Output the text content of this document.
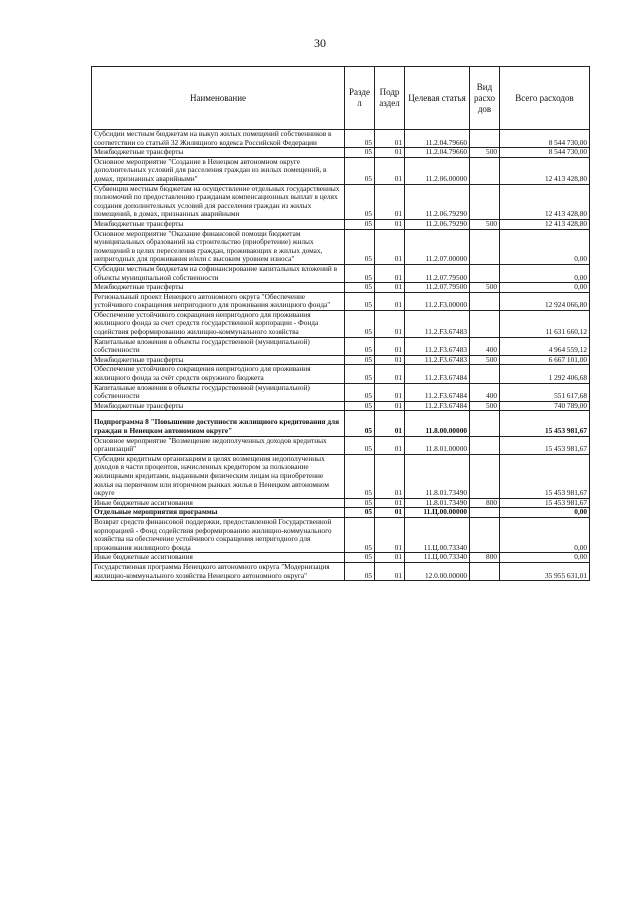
30
Наименование	Разде л	Подр аздел	Целевая статья	Вид расхо дов	Всего расходов
Субсидии местным бюджетам на выкуп жилых помещений собственников в соответствии со статьёй 32 Жилищного кодекса Российской Федерации	05	01	11.2.04.79660		8 544 730,00
Межбюджетные трансферты	05	01	11.2.04.79660	500	8 544 730,00
Основное мероприятие "Создание в Ненецком автономном округе дополнительных условий для расселения граждан из жилых помещений, в домах, признанных аварийными"	05	01	11.2.06.00000		12 413 428,80
Субвенции местным бюджетам на осуществление отдельных государственных полномочий по предоставлению гражданам компенсационных выплат в целях создания дополнительных условий для расселения граждан из жилых помещений, в домах, признанных аварийными	05	01	11.2.06.79290		12 413 428,80
Межбюджетные трансферты	05	01	11.2.06.79290	500	12 413 428,80
Основное мероприятие "Оказание финансовой помощи бюджетам муниципальных образований на строительство (приобретение) жилых помещений в целях переселения граждан, проживающих в жилых домах, непригодных для проживания и/или с высоким уровнем износа"	05	01	11.2.07.00000		0,00
Субсидии местным бюджетам на софинансирование капитальных вложений в объекты муниципальной собственности	05	01	11.2.07.79500		0,00
Межбюджетные трансферты	05	01	11.2.07.79500	500	0,00
Региональный проект Ненецкого автономного округа "Обеспечение устойчивого сокращения непригодного для проживания жилищного фонда"	05	01	11.2.F3.00000		12 924 066,80
Обеспечение устойчивого сокращения непригодного для проживания жилищного фонда за счет средств государственной корпорации - Фонда содействия реформированию жилищно-коммунального хозяйства	05	01	11.2.F3.67483		11 631 660,12
Капитальные вложения в объекты государственной (муниципальной) собственности	05	01	11.2.F3.67483	400	4 964 559,12
Межбюджетные трансферты	05	01	11.2.F3.67483	500	6 667 101,00
Обеспечение устойчивого сокращения непригодного для проживания жилищного фонда за счёт средств окружного бюджета	05	01	11.2.F3.67484		1 292 406,68
Капитальные вложения в объекты государственной (муниципальной) собственности	05	01	11.2.F3.67484	400	551 617,68
Межбюджетные трансферты	05	01	11.2.F3.67484	500	740 789,00
Подпрограмма 8 "Повышение доступности жилищного кредитования для граждан в Ненецком автономном округе"	05	01	11.8.00.00000		15 453 981,67
Основное мероприятие "Возмещение недополученных доходов кредитных организаций"	05	01	11.8.01.00000		15 453 981,67
Субсидии кредитным организациям в целях возмещения недополученных доходов в части процентов, начисленных кредитором за пользование жилищными кредитами, выданными физическим лицам на приобретение жилья на первичном или вторичном рынках жилья в Ненецком автономном округе	05	01	11.8.01.73490		15 453 981,67
Иные бюджетные ассигнования	05	01	11.8.01.73490	800	15 453 981,67
Отдельные мероприятия программы	05	01	11.Ц.00.00000		0,00
Возврат средств финансовой поддержки, предоставленной Государственной корпорацией - Фонд содействия реформированию жилищно-коммунального хозяйства на обеспечение устойчивого сокращения непригодного для проживания жилищного фонда	05	01	11.Ц.00.73340		0,00
Иные бюджетные ассигнования	05	01	11.Ц.00.73340	800	0,00
Государственная программа Ненецкого автономного округа "Модернизация жилищно-коммунального хозяйства Ненецкого автономного округа"	05	01	12.0.00.00000		35 955 631,01
